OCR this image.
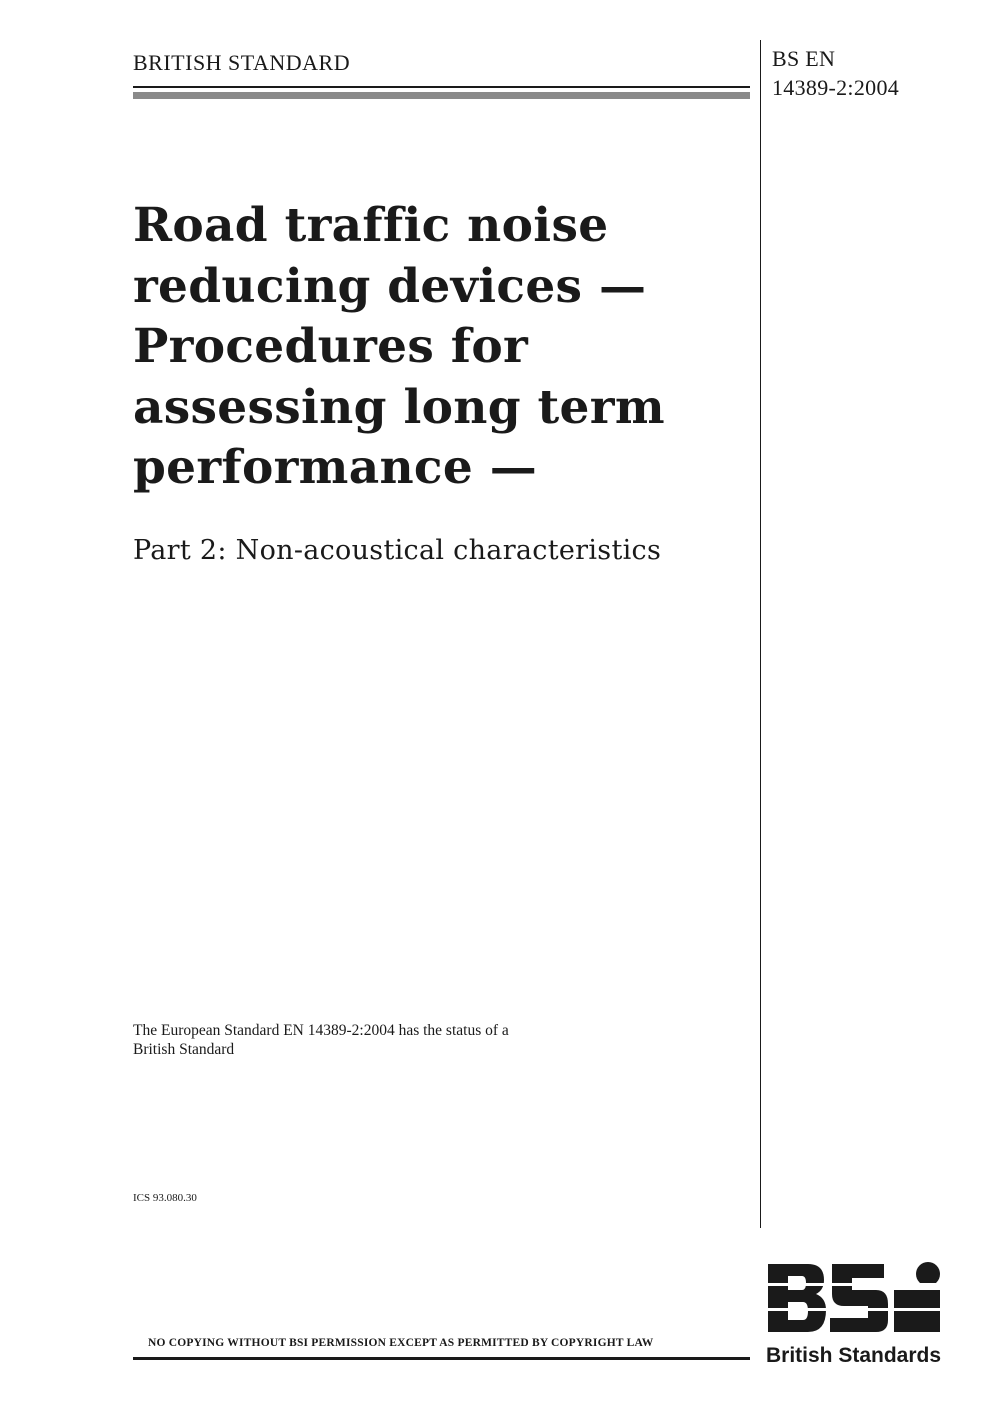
BRITISH STANDARD	BS EN
14389-2:2004
Road traffic noise
reducing devices —
Procedures for
assessing long term
performance —
Part 2: Non-acoustical characteristics
The European Standard EN 14389-2:2004 has the status of a
British Standard
ICS 93.080.30
British Standards
NO COPYING WITHOUT BSI PERMISSION EXCEPT AS PERMITTED BY COPYRIGHT LAW
